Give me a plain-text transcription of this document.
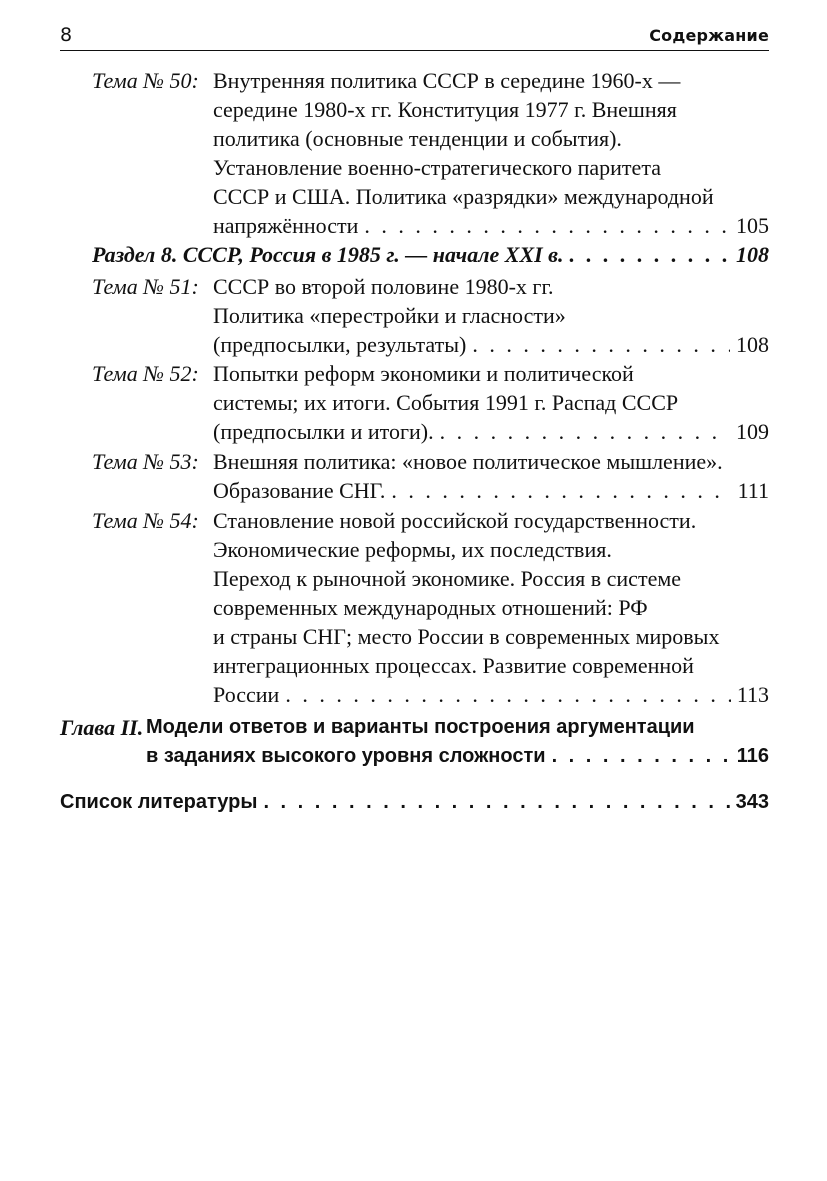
8	Содержание
Тема № 50: Внутренняя политика СССР в середине 1960-х —
середине 1980-х гг. Конституция 1977 г. Внешняя
политика (основные тенденции и события).
Установление военно-стратегического паритета
СССР и США. Политика «разрядки» международной
напряжённости . . .	105
Раздел 8. СССР, Россия в 1985 г. — начале XXI в. . . .	108
Тема № 51: СССР во второй половине 1980-х гг.
Политика «перестройки и гласности»
(предпосылки, результаты) . . .	108
Тема № 52: Попытки реформ экономики и политической
системы; их итоги. События 1991 г. Распад СССР
(предпосылки и итоги). . . .	109
Тема № 53: Внешняя политика: «новое политическое мышление».
Образование СНГ. . . .	111
Тема № 54: Становление новой российской государственности.
Экономические реформы, их последствия.
Переход к рыночной экономике. Россия в системе
современных международных отношений: РФ
и страны СНГ; место России в современных мировых
интеграционных процессах. Развитие современной
России . . .	113
Глава II. Модели ответов и варианты построения аргументации
в заданиях высокого уровня сложности . . .	116
Список литературы . . .	343
